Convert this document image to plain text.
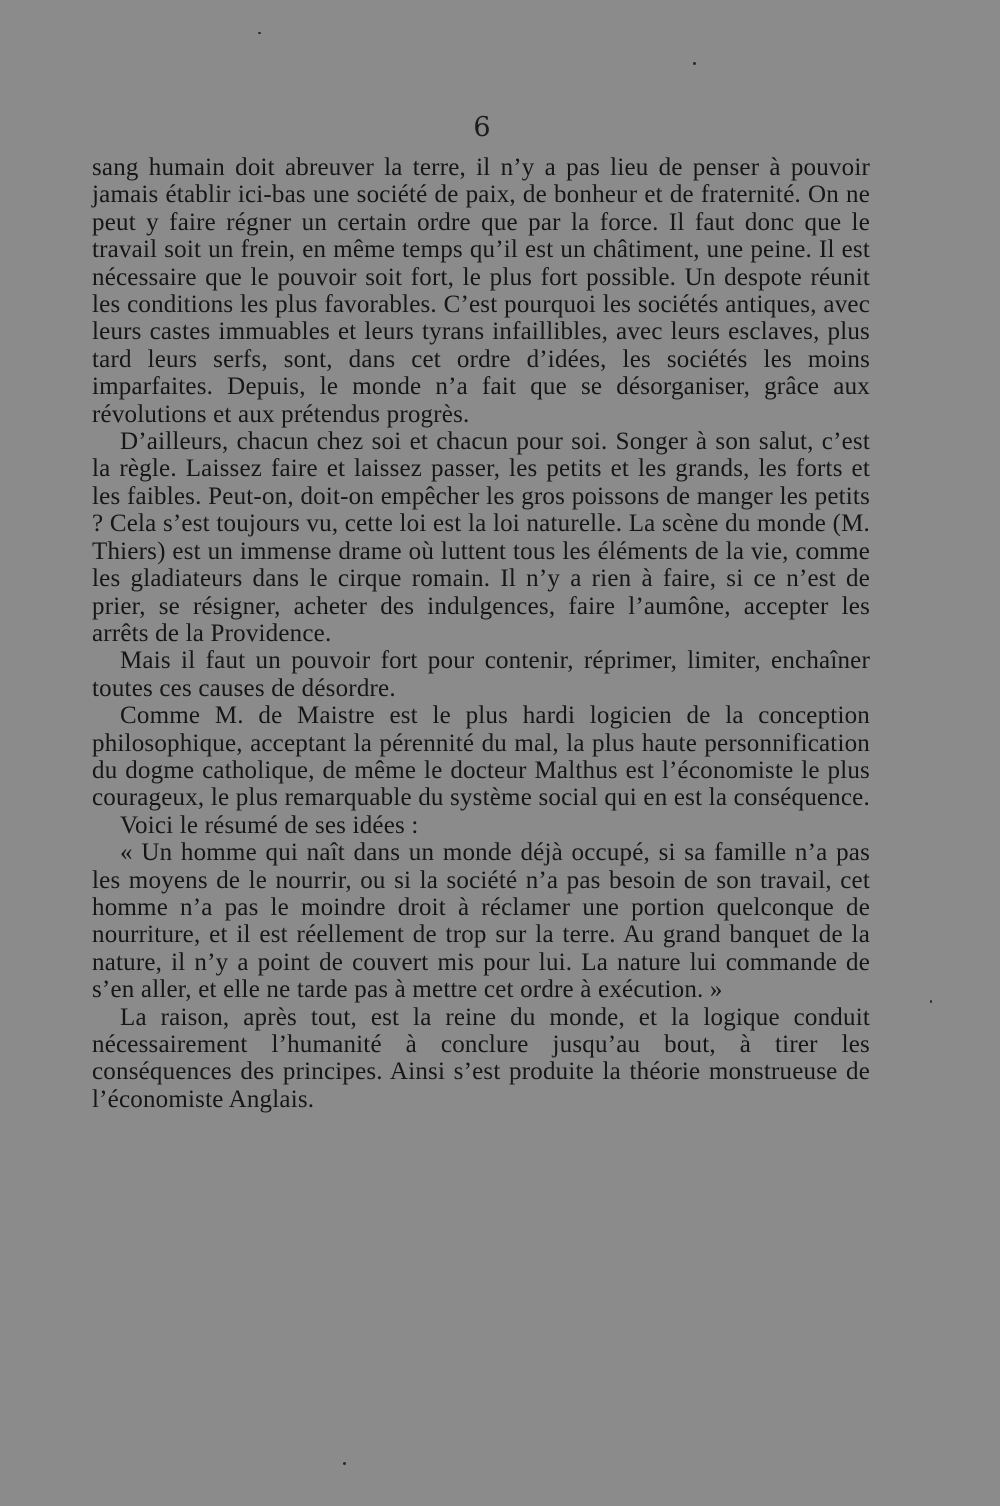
6

sang humain doit abreuver la terre, il n’y a pas lieu de penser à pouvoir jamais établir ici-bas une société de paix, de bonheur et de fraternité. On ne peut y faire régner un certain ordre que par la force. Il faut donc que le travail soit un frein, en même temps qu’il est un châtiment, une peine. Il est nécessaire que le pouvoir soit fort, le plus fort possible. Un despote réunit les conditions les plus favorables. C’est pourquoi les sociétés antiques, avec leurs castes immuables et leurs tyrans infaillibles, avec leurs esclaves, plus tard leurs serfs, sont, dans cet ordre d’idées, les sociétés les moins imparfaites. Depuis, le monde n’a fait que se désorganiser, grâce aux révolutions et aux prétendus progrès.

D’ailleurs, chacun chez soi et chacun pour soi. Songer à son salut, c’est la règle. Laissez faire et laissez passer, les petits et les grands, les forts et les faibles. Peut-on, doit-on empêcher les gros poissons de manger les petits ? Cela s’est toujours vu, cette loi est la loi naturelle. La scène du monde (M. Thiers) est un immense drame où luttent tous les éléments de la vie, comme les gladiateurs dans le cirque romain. Il n’y a rien à faire, si ce n’est de prier, se résigner, acheter des indulgences, faire l’aumône, accepter les arrêts de la Providence.

Mais il faut un pouvoir fort pour contenir, réprimer, limiter, enchaîner toutes ces causes de désordre.

Comme M. de Maistre est le plus hardi logicien de la conception philosophique, acceptant la pérennité du mal, la plus haute personnification du dogme catholique, de même le docteur Malthus est l’économiste le plus courageux, le plus remarquable du système social qui en est la conséquence.

Voici le résumé de ses idées :

« Un homme qui naît dans un monde déjà occupé, si sa famille n’a pas les moyens de le nourrir, ou si la société n’a pas besoin de son travail, cet homme n’a pas le moindre droit à réclamer une portion quelconque de nourriture, et il est réellement de trop sur la terre. Au grand banquet de la nature, il n’y a point de couvert mis pour lui. La nature lui commande de s’en aller, et elle ne tarde pas à mettre cet ordre à exécution. »

La raison, après tout, est la reine du monde, et la logique conduit nécessairement l’humanité à conclure jusqu’au bout, à tirer les conséquences des principes. Ainsi s’est produite la théorie monstrueuse de l’économiste Anglais.
